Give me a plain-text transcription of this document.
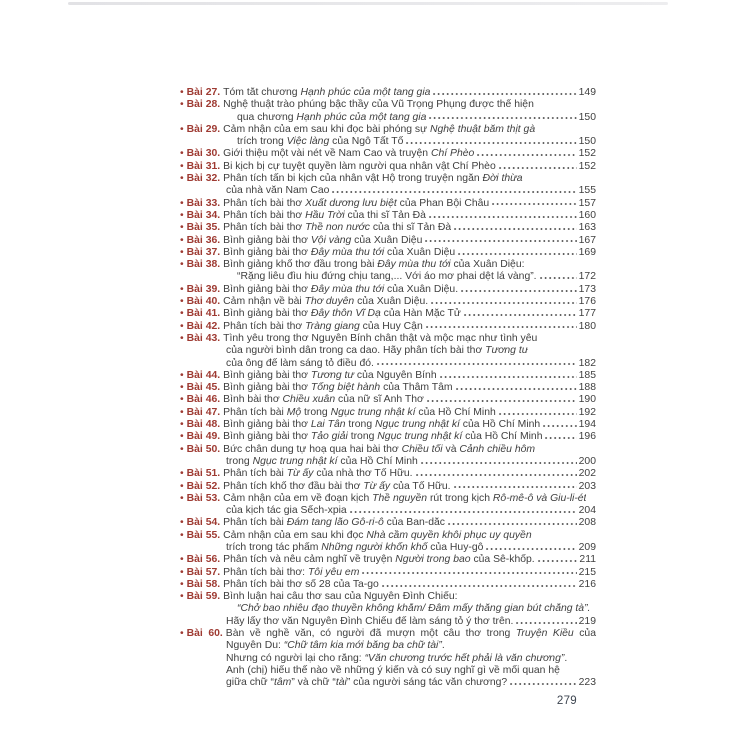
• Bài 27. Tóm tắt chương Hạnh phúc của một tang gia	149
• Bài 28. Nghệ thuật trào phúng bậc thầy của Vũ Trọng Phụng được thể hiện
qua chương Hạnh phúc của một tang gia	150
• Bài 29. Cảm nhận của em sau khi đọc bài phóng sự Nghệ thuật băm thịt gà
trích trong Việc làng của Ngô Tất Tố	150
• Bài 30. Giới thiệu một vài nét về Nam Cao và truyện Chí Phèo	152
• Bài 31. Bi kịch bị cự tuyệt quyền làm người qua nhân vật Chí Phèo	152
• Bài 32. Phân tích tấn bi kịch của nhân vật Hộ trong truyện ngắn Đời thừa
của nhà văn Nam Cao	155
• Bài 33. Phân tích bài thơ Xuất dương lưu biệt của Phan Bội Châu	157
• Bài 34. Phân tích bài thơ Hầu Trời của thi sĩ Tản Đà	160
• Bài 35. Phân tích bài thơ Thề non nước của thi sĩ Tản Đà	163
• Bài 36. Bình giảng bài thơ Vội vàng của Xuân Diệu	167
• Bài 37. Bình giảng bài thơ Đây mùa thu tới của Xuân Diệu	169
• Bài 38. Bình giảng khổ thơ đầu trong bài Đây mùa thu tới của Xuân Diệu:
“Rặng liễu đìu hiu đứng chịu tang,... Với áo mơ phai dệt lá vàng”.	172
• Bài 39. Bình giảng bài thơ Đây mùa thu tới của Xuân Diệu.	173
• Bài 40. Cảm nhận về bài Thơ duyên của Xuân Diệu.	176
• Bài 41. Bình giảng bài thơ Đây thôn Vĩ Dạ của Hàn Mặc Tử	177
• Bài 42. Phân tích bài thơ Tràng giang của Huy Cận	180
• Bài 43. Tình yêu trong thơ Nguyễn Bính chân thật và mộc mạc như tình yêu
của người bình dân trong ca dao. Hãy phân tích bài thơ Tương tư
của ông để làm sáng tỏ điều đó.	182
• Bài 44. Bình giảng bài thơ Tương tư của Nguyễn Bính	185
• Bài 45. Bình giảng bài thơ Tống biệt hành của Thâm Tâm	188
• Bài 46. Bình bài thơ Chiều xuân của nữ sĩ Anh Thơ	190
• Bài 47. Phân tích bài Mộ trong Ngục trung nhật kí của Hồ Chí Minh	192
• Bài 48. Bình giảng bài thơ Lai Tân trong Ngục trung nhật kí của Hồ Chí Minh	194
• Bài 49. Bình giảng bài thơ Tảo giải trong Ngục trung nhật kí của Hồ Chí Minh	196
• Bài 50. Bức chân dung tự hoạ qua hai bài thơ Chiều tối và Cảnh chiều hôm
trong Ngục trung nhật kí của Hồ Chí Minh	200
• Bài 51. Phân tích bài Từ ấy của nhà thơ Tố Hữu.	202
• Bài 52. Phân tích khổ thơ đầu bài thơ Từ ấy của Tố Hữu.	203
• Bài 53. Cảm nhận của em về đoạn kịch Thề nguyền rút trong kịch Rô-mê-ô và Giu-li-ét
của kịch tác gia Sếch-xpia	204
• Bài 54. Phân tích bài Đám tang lão Gô-ri-ô của Ban-dắc	208
• Bài 55. Cảm nhận của em sau khi đọc Nhà cầm quyền khôi phục uy quyền
trích trong tác phẩm Những người khốn khổ của Huy-gô	209
• Bài 56. Phân tích và nêu cảm nghĩ về truyện Người trong bao của Sê-khốp.	211
• Bài 57. Phân tích bài thơ: Tôi yêu em	215
• Bài 58. Phân tích bài thơ số 28 của Ta-go	216
• Bài 59. Bình luận hai câu thơ sau của Nguyễn Đình Chiểu:
“Chở bao nhiêu đạo thuyền không khẳm/ Đâm mấy thằng gian bút chẳng tà”.
Hãy lấy thơ văn Nguyễn Đình Chiểu để làm sáng tỏ ý thơ trên.	219
• Bài 60. Bàn về nghề văn, có người đã mượn một câu thơ trong Truyện Kiều của
Nguyễn Du: “Chữ tâm kia mới bằng ba chữ tài”.
Nhưng có người lại cho rằng: “Văn chương trước hết phải là văn chương”.
Anh (chị) hiểu thế nào về những ý kiến và có suy nghĩ gì về mối quan hệ
giữa chữ “tâm” và chữ “tài” của người sáng tác văn chương?	223
279
